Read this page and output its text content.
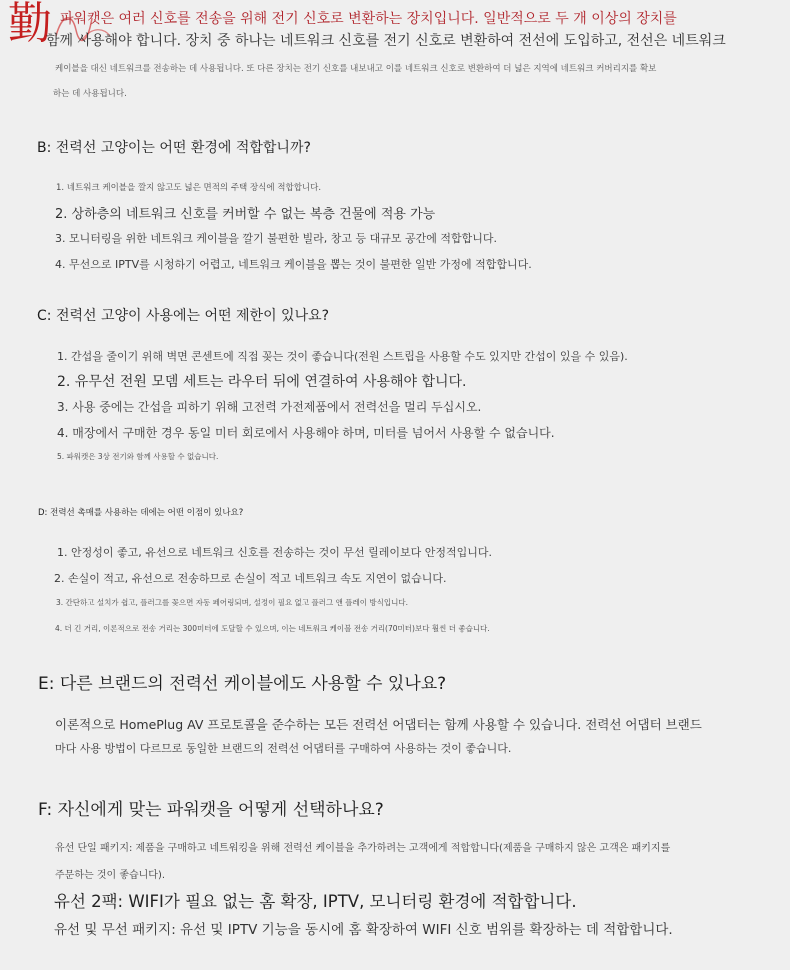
勤 파워캣은 여러 신호를 전송을 위해 전기 신호로 변환하는 장치입니다. 일반적으로 두 개 이상의 장치를
함께 사용해야 합니다. 장치 중 하나는 네트워크 신호를 전기 신호로 변환하여 전선에 도입하고, 전선은 네트워크
케이블을 대신 네트워크를 전송하는 데 사용됩니다. 또 다른 장치는 전기 신호를 내보내고 이를 네트워크 신호로 변환하여 더 넓은 지역에 네트워크 커버리지를 확보
하는 데 사용됩니다.
B: 전력선 고양이는 어떤 환경에 적합합니까?
1. 네트워크 케이블을 깔지 않고도 넓은 면적의 주택 장식에 적합합니다.
2. 상하층의 네트워크 신호를 커버할 수 없는 복층 건물에 적용 가능
3. 모니터링을 위한 네트워크 케이블을 깔기 불편한 빌라, 창고 등 대규모 공간에 적합합니다.
4. 무선으로 IPTV를 시청하기 어렵고, 네트워크 케이블을 뽑는 것이 불편한 일반 가정에 적합합니다.
C: 전력선 고양이 사용에는 어떤 제한이 있나요?
1. 간섭을 줄이기 위해 벽면 콘센트에 직접 꽂는 것이 좋습니다(전원 스트립을 사용할 수도 있지만 간섭이 있을 수 있음).
2. 유무선 전원 모뎀 세트는 라우터 뒤에 연결하여 사용해야 합니다.
3. 사용 중에는 간섭을 피하기 위해 고전력 가전제품에서 전력선을 멀리 두십시오.
4. 매장에서 구매한 경우 동일 미터 회로에서 사용해야 하며, 미터를 넘어서 사용할 수 없습니다.
5. 파워캣은 3상 전기와 함께 사용할 수 없습니다.
D: 전력선 촉매를 사용하는 데에는 어떤 이점이 있나요?
1. 안정성이 좋고, 유선으로 네트워크 신호를 전송하는 것이 무선 릴레이보다 안정적입니다.
2. 손실이 적고, 유선으로 전송하므로 손실이 적고 네트워크 속도 지연이 없습니다.
3. 간단하고 설치가 쉽고, 플러그를 꽂으면 자동 페어링되며, 설정이 필요 없고 플러그 앤 플레이 방식입니다.
4. 더 긴 거리, 이론적으로 전송 거리는 300미터에 도달할 수 있으며, 이는 네트워크 케이블 전송 거리(70미터)보다 훨씬 더 좋습니다.
E: 다른 브랜드의 전력선 케이블에도 사용할 수 있나요?
이론적으로 HomePlug AV 프로토콜을 준수하는 모든 전력선 어댑터는 함께 사용할 수 있습니다. 전력선 어댑터 브랜드
마다 사용 방법이 다르므로 동일한 브랜드의 전력선 어댑터를 구매하여 사용하는 것이 좋습니다.
F: 자신에게 맞는 파워캣을 어떻게 선택하나요?
유선 단일 패키지: 제품을 구매하고 네트워킹을 위해 전력선 케이블을 추가하려는 고객에게 적합합니다(제품을 구매하지 않은 고객은 패키지를
주문하는 것이 좋습니다).
유선 2팩: WIFI가 필요 없는 홈 확장, IPTV, 모니터링 환경에 적합합니다.
유선 및 무선 패키지: 유선 및 IPTV 기능을 동시에 홈 확장하여 WIFI 신호 범위를 확장하는 데 적합합니다.
